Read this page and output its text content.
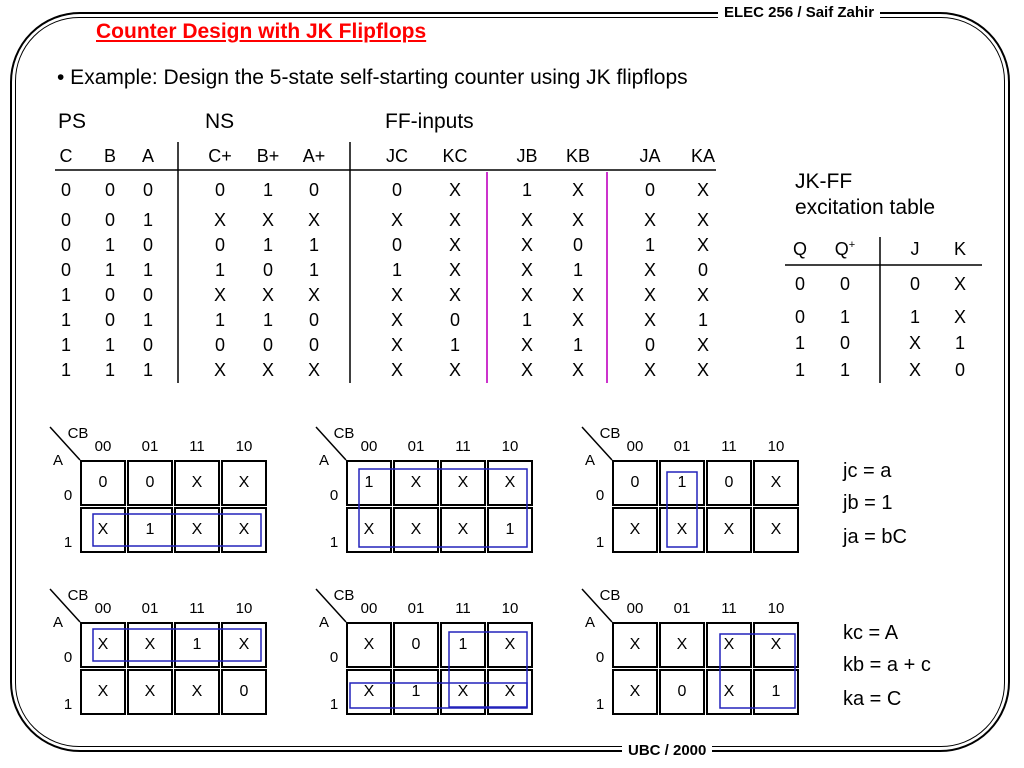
ELEC 256 / Saif Zahir
UBC / 2000
Counter Design with JK Flipflops
• Example: Design the 5-state self-starting counter using JK flipflops
PS	NS	FF-inputs
C	B	A	C+	B+	A+	JC	KC	JB	KB	JA	KA
0	0	0	0	1	0	0	X	1	X	0	X
0	0	1	X	X	X	X	X	X	X	X	X
0	1	0	0	1	1	0	X	X	0	1	X
0	1	1	1	0	1	1	X	X	1	X	0
1	0	0	X	X	X	X	X	X	X	X	X
1	0	1	1	1	0	X	0	1	X	X	1
1	1	0	0	0	0	X	1	X	1	0	X
1	1	1	X	X	X	X	X	X	X	X	X
JK-FF
excitation table
Q	Q+	J	K
0	0	0	X
0	1	1	X
1	0	X	1
1	1	X	0
CB
A
00	01	11	10
0
1
0	0	X	X
X	1	X	X
CB
A
00	01	11	10
0
1
1	X	X	X
X	X	X	1
CB
A
00	01	11	10
0
1
0	1	0	X
X	X	X	X
CB
A
00	01	11	10
0
1
X	X	1	X
X	X	X	0
CB
A
00	01	11	10
0
1
X	0	1	X
X	1	X	X
CB
A
00	01	11	10
0
1
X	X	X	X
X	0	X	1
jc = a
jb = 1
ja = bC
kc = A
kb = a + c
ka = C
